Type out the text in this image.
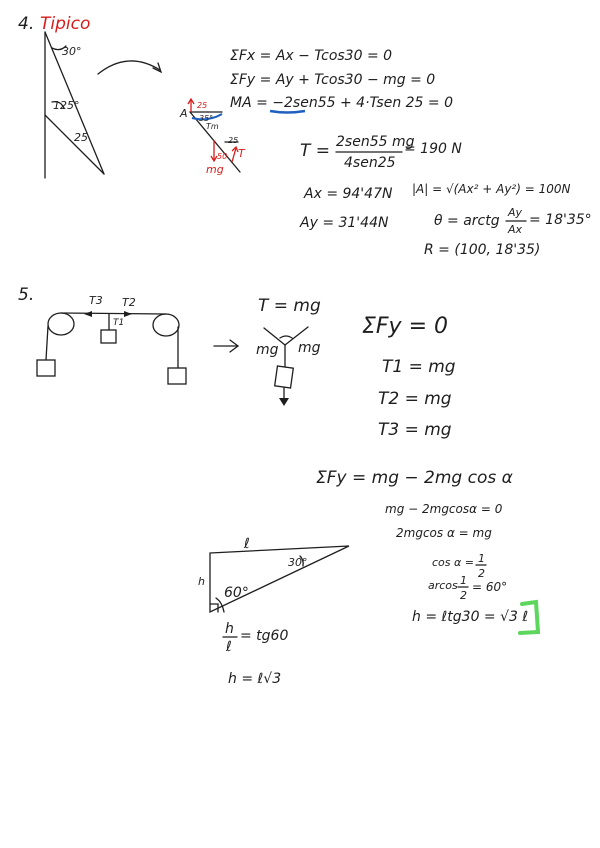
4. Tipico
30°
125°
25
A
25
35°
25
Tm
mg
T
50
ΣFx = Ax − Tcos30 = 0
ΣFy = Ay + Tcos30 − mg = 0
MA = −2sen55 + 4·Tsen 25 = 0
T = 2sen55 mg
4sen25
= 190 N
Ax = 94'47N
Ay = 31'44N
|A| = √(Ax² + Ay²) = 100N
θ = arctg
Ay
Ax
= 18'35°
R = (100, 18'35)
5.	T3 T2
T1
T = mg
mg mg
ΣFy = 0
T1 = mg
T2 = mg
T3 = mg
ΣFy = mg − 2mg cos α
mg − 2mgcosα = 0
2mgcos α = mg
cos α = 1
2
arcos 1
2
= 60°
h = ℓtg30 = √3 ℓ
ℓ
h
30°
60°
h
ℓ
= tg60
h = ℓ√3
